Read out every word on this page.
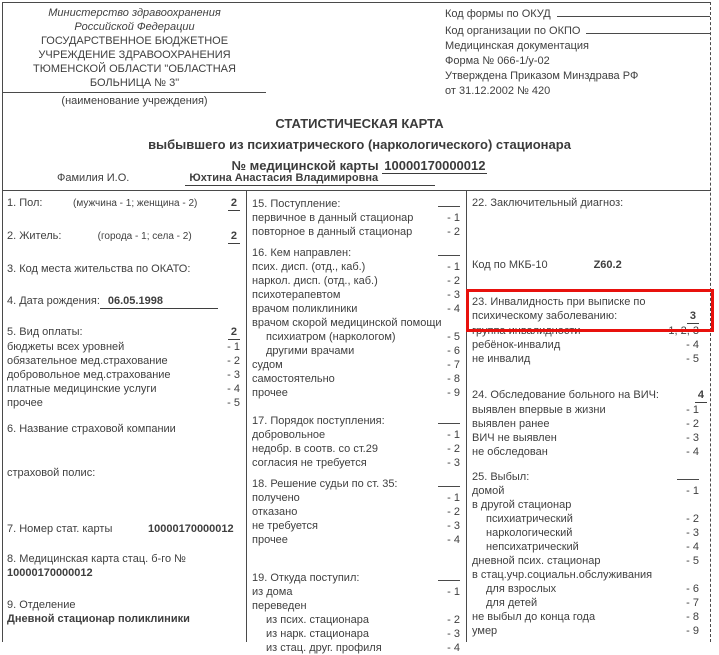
Министерство здравоохранения
Российской Федерации
ГОСУДАРСТВЕННОЕ БЮДЖЕТНОЕ
УЧРЕЖДЕНИЕ ЗДРАВООХРАНЕНИЯ
ТЮМЕНСКОЙ ОБЛАСТИ "ОБЛАСТНАЯ
БОЛЬНИЦА № 3"
(наименование учреждения)
Код формы по ОКУД
Код организации по ОКПО
Медицинская документация
Форма № 066-1/у-02
Утверждена Приказом Минздрава РФ
от 31.12.2002 № 420
СТАТИСТИЧЕСКАЯ КАРТА
выбывшего из психиатрического (наркологического) стационара
№ медицинской карты 10000170000012
Фамилия И.О.	Юхтина Анастасия Владимировна
1. Пол:	(мужчина - 1; женщина - 2)	2
2. Житель:	(города - 1; села - 2)	2
3. Код места жительства по ОКАТО:
4. Дата рождения: 06.05.1998
5. Вид оплаты:	2
бюджеты всех уровней	- 1
обязательное мед.страхование	- 2
добровольное мед.страхование	- 3
платные медицинские услуги	- 4
прочее	- 5
6. Название страховой компании
страховой полис:
7. Номер стат. карты	10000170000012
8. Медицинская карта стац. б-го №
10000170000012
9. Отделение
Дневной стационар поликлиники
15. Поступление:
первичное в данный стационар	- 1
повторное в данный стационар	- 2
16. Кем направлен:
псих. дисп. (отд., каб.)	- 1
наркол. дисп. (отд., каб.)	- 2
психотерапевтом	- 3
врачом поликлиники	- 4
врачом скорой медицинской помощи
психиатром (наркологом)	- 5
другими врачами	- 6
судом	- 7
самостоятельно	- 8
прочее	- 9
17. Порядок поступления:
добровольное	- 1
недобр. в соотв. со ст.29	- 2
согласия не требуется	- 3
18. Решение судьи по ст. 35:
получено	- 1
отказано	- 2
не требуется	- 3
прочее	- 4
19. Откуда поступил:
из дома	- 1
переведен
из псих. стационара	- 2
из нарк. стационара	- 3
из стац. друг. профиля	- 4
22. Заключительный диагноз:
Код по МКБ-10	Z60.2
23. Инвалидность при выписке по
психическому заболеванию:	3
группа инвалидности	1, 2, 3
ребёнок-инвалид	- 4
не инвалид	- 5
24. Обследование больного на ВИЧ:	4
выявлен впервые в жизни	- 1
выявлен ранее	- 2
ВИЧ не выявлен	- 3
не обследован	- 4
25. Выбыл:
домой	- 1
в другой стационар
психиатрический	- 2
наркологический	- 3
непсихатрический	- 4
дневной псих. стационар	- 5
в стац.учр.социальн.обслуживания
для взрослых	- 6
для детей	- 7
не выбыл до конца года	- 8
умер	- 9
